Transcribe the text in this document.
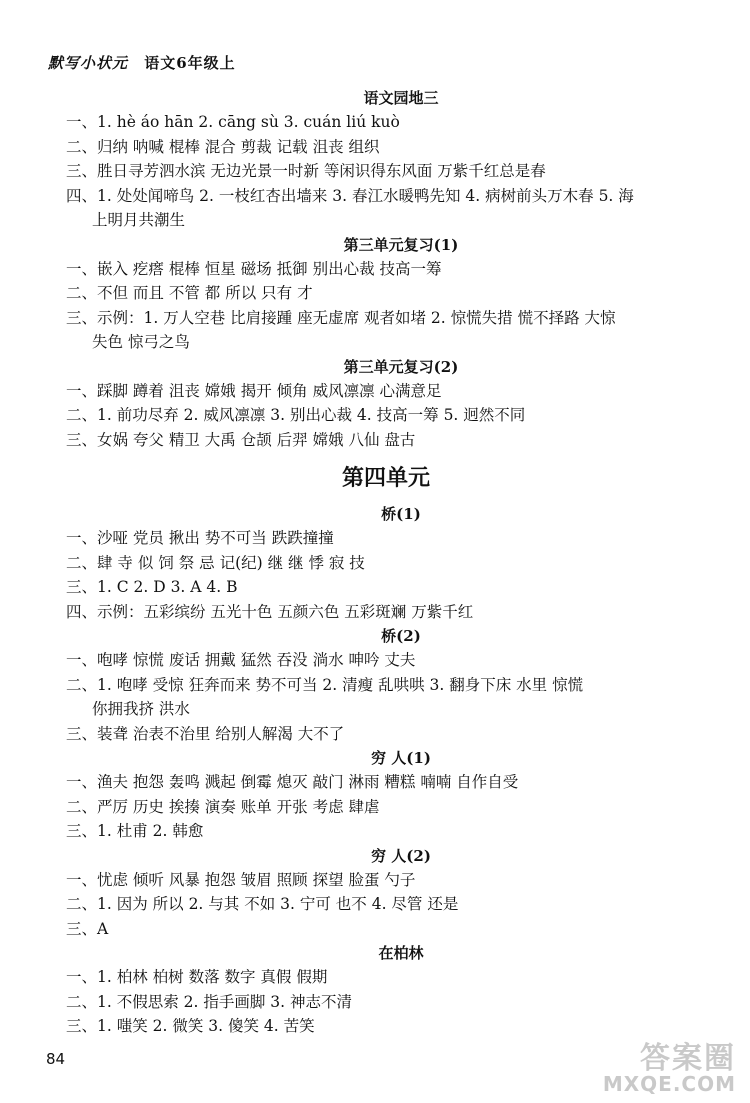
默写小状元 语文6年级上
语文园地三
一、1. hè áo hān 2. cāng sù 3. cuán liú kuò
二、归纳 呐喊 棍棒 混合 剪裁 记载 沮丧 组织
三、胜日寻芳泗水滨 无边光景一时新 等闲识得东风面 万紫千红总是春
四、1. 处处闻啼鸟 2. 一枝红杏出墙来 3. 春江水暖鸭先知 4. 病树前头万木春 5. 海
上明月共潮生
第三单元复习(1)
一、嵌入 疙瘩 棍棒 恒星 磁场 抵御 别出心裁 技高一筹
二、不但 而且 不管 都 所以 只有 才
三、示例：1. 万人空巷 比肩接踵 座无虚席 观者如堵 2. 惊慌失措 慌不择路 大惊
失色 惊弓之鸟
第三单元复习(2)
一、踩脚 蹲着 沮丧 嫦娥 揭开 倾角 威风凛凛 心满意足
二、1. 前功尽弃 2. 威风凛凛 3. 别出心裁 4. 技高一筹 5. 迥然不同
三、女娲 夸父 精卫 大禹 仓颉 后羿 嫦娥 八仙 盘古
第四单元
桥(1)
一、沙哑 党员 揪出 势不可当 跌跌撞撞
二、肆 寺 似 饲 祭 忌 记(纪) 继 继 悸 寂 技
三、1. C 2. D 3. A 4. B
四、示例：五彩缤纷 五光十色 五颜六色 五彩斑斓 万紫千红
桥(2)
一、咆哮 惊慌 废话 拥戴 猛然 吞没 淌水 呻吟 丈夫
二、1. 咆哮 受惊 狂奔而来 势不可当 2. 清瘦 乱哄哄 3. 翻身下床 水里 惊慌
你拥我挤 洪水
三、装聋 治表不治里 给别人解渴 大不了
穷 人(1)
一、渔夫 抱怨 轰鸣 溅起 倒霉 熄灭 敲门 淋雨 糟糕 喃喃 自作自受
二、严厉 历史 挨揍 演奏 账单 开张 考虑 肆虐
三、1. 杜甫 2. 韩愈
穷 人(2)
一、忧虑 倾听 风暴 抱怨 皱眉 照顾 探望 脸蛋 勺子
二、1. 因为 所以 2. 与其 不如 3. 宁可 也不 4. 尽管 还是
三、A
在柏林
一、1. 柏林 柏树 数落 数字 真假 假期
二、1. 不假思索 2. 指手画脚 3. 神志不清
三、1. 嗤笑 2. 微笑 3. 傻笑 4. 苦笑
84	答案圈
MXQE.COM
